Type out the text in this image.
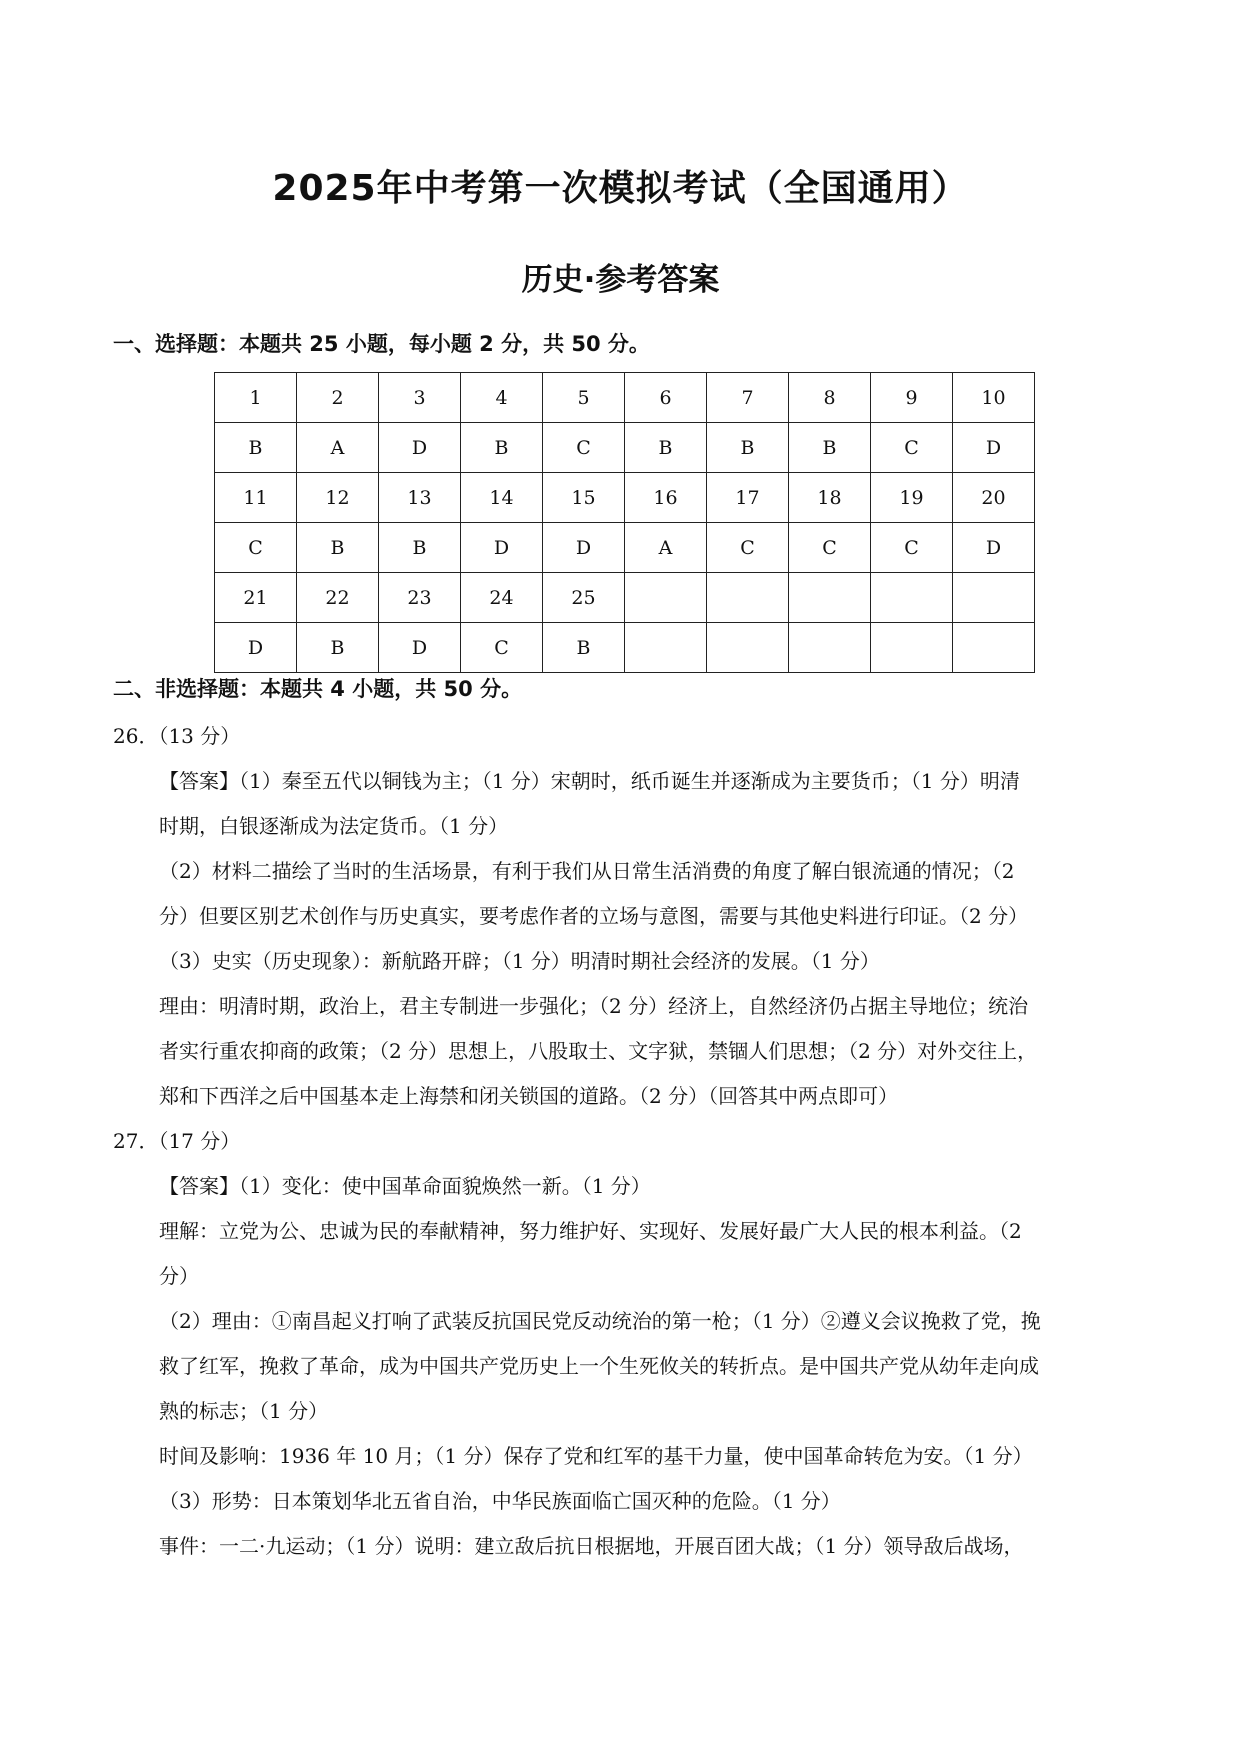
2025年中考第一次模拟考试（全国通用）
历史·参考答案
一、选择题：本题共 25 小题，每小题 2 分，共 50 分。
1	2	3	4	5	6	7	8	9	10
B	A	D	B	C	B	B	B	C	D
11	12	13	14	15	16	17	18	19	20
C	B	B	D	D	A	C	C	C	D
21	22	23	24	25					
D	B	D	C	B					
二、非选择题：本题共 4 小题，共 50 分。
26．（13 分）
【答案】（1）秦至五代以铜钱为主；（1 分）宋朝时，纸币诞生并逐渐成为主要货币；（1 分）明清
时期，白银逐渐成为法定货币。（1 分）
（2）材料二描绘了当时的生活场景，有利于我们从日常生活消费的角度了解白银流通的情况；（2
分）但要区别艺术创作与历史真实，要考虑作者的立场与意图，需要与其他史料进行印证。（2 分）
（3）史实（历史现象）：新航路开辟；（1 分）明清时期社会经济的发展。（1 分）
理由：明清时期，政治上，君主专制进一步强化；（2 分）经济上，自然经济仍占据主导地位；统治
者实行重农抑商的政策；（2 分）思想上，八股取士、文字狱，禁锢人们思想；（2 分）对外交往上，
郑和下西洋之后中国基本走上海禁和闭关锁国的道路。（2 分）（回答其中两点即可）
27．（17 分）
【答案】（1）变化：使中国革命面貌焕然一新。（1 分）
理解：立党为公、忠诚为民的奉献精神，努力维护好、实现好、发展好最广大人民的根本利益。（2
分）
（2）理由：①南昌起义打响了武装反抗国民党反动统治的第一枪；（1 分）②遵义会议挽救了党，挽
救了红军，挽救了革命，成为中国共产党历史上一个生死攸关的转折点。是中国共产党从幼年走向成
熟的标志；（1 分）
时间及影响：1936 年 10 月；（1 分）保存了党和红军的基干力量，使中国革命转危为安。（1 分）
（3）形势：日本策划华北五省自治，中华民族面临亡国灭种的危险。（1 分）
事件：一二·九运动；（1 分）说明：建立敌后抗日根据地，开展百团大战；（1 分）领导敌后战场，
